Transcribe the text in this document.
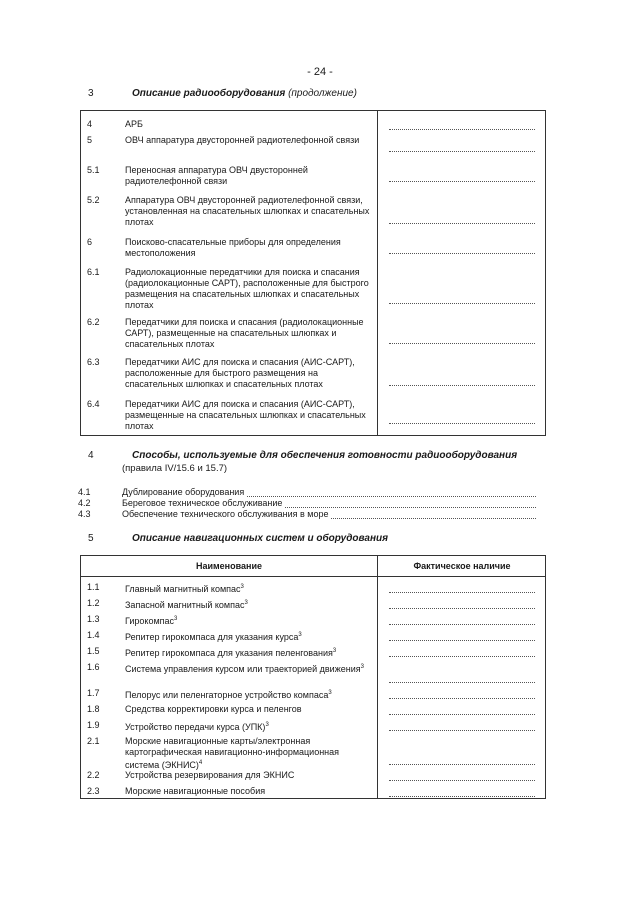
- 24 -
3	Описание радиооборудования (продолжение)
4	АРБ
5	ОВЧ аппаратура двусторонней радиотелефонной связи
5.1	Переносная аппаратура ОВЧ двусторонней радиотелефонной связи
5.2	Аппаратура ОВЧ двусторонней радиотелефонной связи, установленная на спасательных шлюпках и спасательных плотах
6	Поисково-спасательные приборы для определения местоположения
6.1	Радиолокационные передатчики для поиска и спасания (радиолокационные САРТ), расположенные для быстрого размещения на спасательных шлюпках и спасательных плотах
6.2	Передатчики для поиска и спасания (радиолокационные САРТ), размещенные на спасательных шлюпках и спасательных плотах
6.3	Передатчики АИС для поиска и спасания (АИС-САРТ), расположенные для быстрого размещения на спасательных шлюпках и спасательных плотах
6.4	Передатчики АИС для поиска и спасания (АИС-САРТ), размещенные на спасательных шлюпках и спасательных плотах
4	Способы, используемые для обеспечения готовности радиооборудования
(правила IV/15.6 и 15.7)
4.1	Дублирование оборудования
4.2	Береговое техническое обслуживание
4.3	Обеспечение технического обслуживания в море
5	Описание навигационных систем и оборудования
Наименование	Фактическое наличие
1.1	Главный магнитный компас$^3$
1.2	Запасной магнитный компас$^3$
1.3	Гирокомпас$^3$
1.4	Репитер гирокомпаса для указания курса$^3$
1.5	Репитер гирокомпаса для указания пеленгования$^3$
1.6	Система управления курсом или траекторией движения$^3$
1.7	Пелорус или пеленгаторное устройство компаса$^3$
1.8	Средства корректировки курса и пеленгов
1.9	Устройство передачи курса (УПК)$^3$
2.1	Морские навигационные карты/электронная картографическая навигационно-информационная система (ЭКНИС)$^4$
2.2	Устройства резервирования для ЭКНИС
2.3	Морские навигационные пособия
